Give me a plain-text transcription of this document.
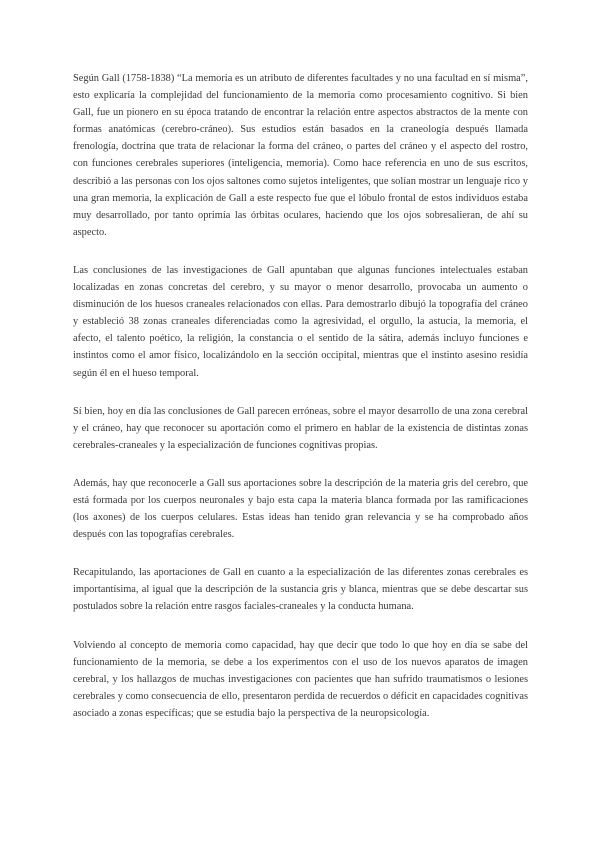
Según Gall (1758-1838) “La memoria es un atributo de diferentes facultades y no una facultad en sí misma”, esto explicaría la complejidad del funcionamiento de la memoria como procesamiento cognitivo. Si bien Gall, fue un pionero en su época tratando de encontrar la relación entre aspectos abstractos de la mente con formas anatómicas (cerebro-cráneo). Sus estudios están basados en la craneología después llamada frenología, doctrina que trata de relacionar la forma del cráneo, o partes del cráneo y el aspecto del rostro, con funciones cerebrales superiores (inteligencia, memoria). Como hace referencia en uno de sus escritos, describió a las personas con los ojos saltones como sujetos inteligentes, que solían mostrar un lenguaje rico y una gran memoria, la explicación de Gall a este respecto fue que el lóbulo frontal de estos individuos estaba muy desarrollado, por tanto oprimía las órbitas oculares, haciendo que los ojos sobresalieran, de ahí su aspecto.

Las conclusiones de las investigaciones de Gall apuntaban que algunas funciones intelectuales estaban localizadas en zonas concretas del cerebro, y su mayor o menor desarrollo, provocaba un aumento o disminución de los huesos craneales relacionados con ellas. Para demostrarlo dibujó la topografía del cráneo y estableció 38 zonas craneales diferenciadas como la agresividad, el orgullo, la astucia, la memoria, el afecto, el talento poético, la religión, la constancia o el sentido de la sátira, además incluyo funciones e instintos como el amor físico, localizándolo en la sección occipital, mientras que el instinto asesino residía según él en el hueso temporal.

Sí bien, hoy en día las conclusiones de Gall parecen erróneas, sobre el mayor desarrollo de una zona cerebral y el cráneo, hay que reconocer su aportación como el primero en hablar de la existencia de distintas zonas cerebrales-craneales y la especialización de funciones cognitivas propias.

Además, hay que reconocerle a Gall sus aportaciones sobre la descripción de la materia gris del cerebro, que está formada por los cuerpos neuronales y bajo esta capa la materia blanca formada por las ramificaciones (los axones) de los cuerpos celulares. Estas ideas han tenido gran relevancia y se ha comprobado años después con las topografías cerebrales.

Recapitulando, las aportaciones de Gall en cuanto a la especialización de las diferentes zonas cerebrales es importantísima, al igual que la descripción de la sustancia gris y blanca, mientras que se debe descartar sus postulados sobre la relación entre rasgos faciales-craneales y la conducta humana.

Volviendo al concepto de memoria como capacidad, hay que decir que todo lo que hoy en día se sabe del funcionamiento de la memoria, se debe a los experimentos con el uso de los nuevos aparatos de imagen cerebral, y los hallazgos de muchas investigaciones con pacientes que han sufrido traumatismos o lesiones cerebrales y como consecuencia de ello, presentaron perdida de recuerdos o déficit en capacidades cognitivas asociado a zonas específicas; que se estudia bajo la perspectiva de la neuropsicología.
